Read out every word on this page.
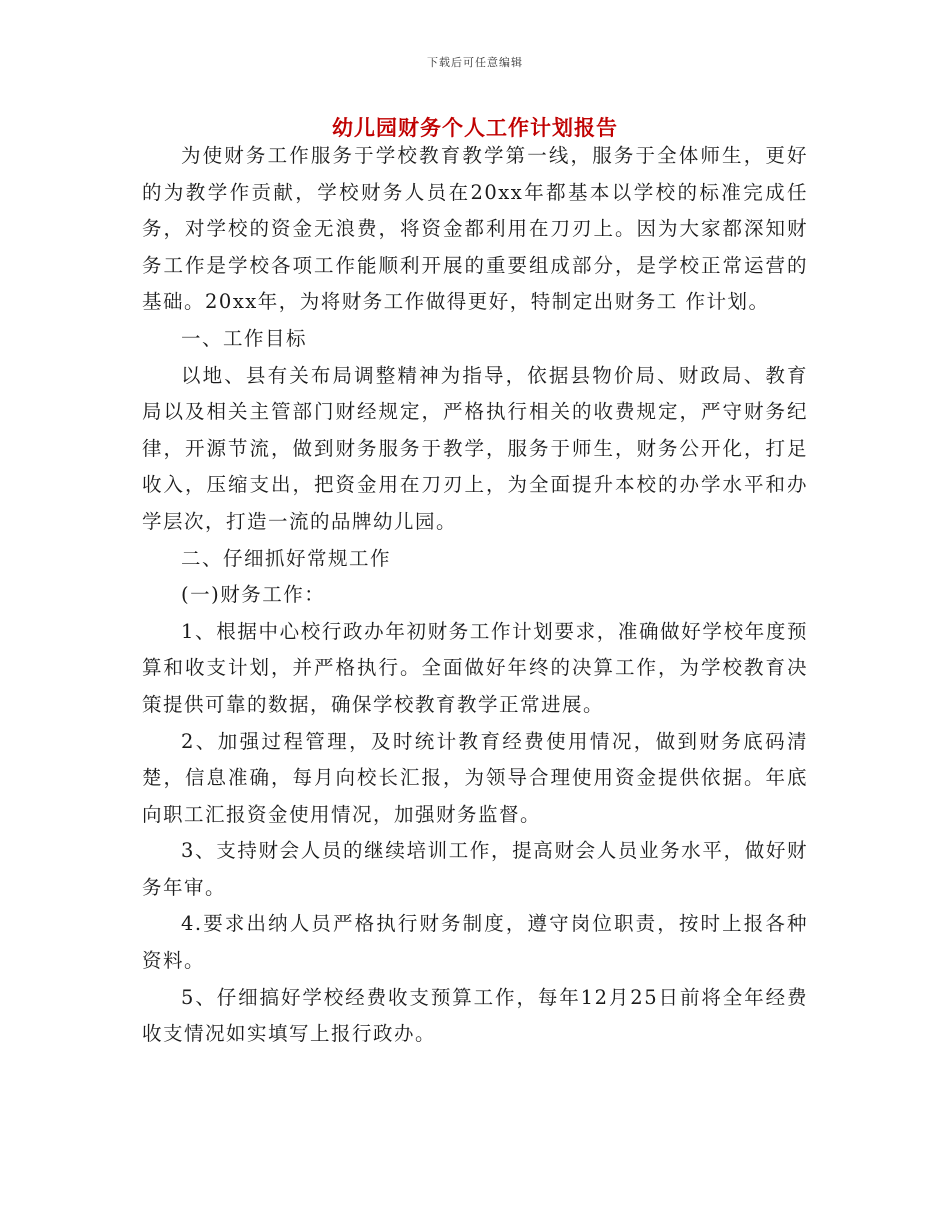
下载后可任意编辑
幼儿园财务个人工作计划报告

为使财务工作服务于学校教育教学第一线，服务于全体师生，更好的为教学作贡献，学校财务人员在20xx年都基本以学校的标准完成任务，对学校的资金无浪费，将资金都利用在刀刃上。因为大家都深知财务工作是学校各项工作能顺利开展的重要组成部分，是学校正常运营的基础。20xx年，为将财务工作做得更好，特制定出财务工 作计划。

一、工作目标

以地、县有关布局调整精神为指导，依据县物价局、财政局、教育局以及相关主管部门财经规定，严格执行相关的收费规定，严守财务纪律，开源节流，做到财务服务于教学，服务于师生，财务公开化，打足收入，压缩支出，把资金用在刀刃上，为全面提升本校的办学水平和办学层次，打造一流的品牌幼儿园。

二、仔细抓好常规工作

(一)财务工作：

1、根据中心校行政办年初财务工作计划要求，准确做好学校年度预算和收支计划，并严格执行。全面做好年终的决算工作，为学校教育决策提供可靠的数据，确保学校教育教学正常进展。

2、加强过程管理，及时统计教育经费使用情况，做到财务底码清楚，信息准确，每月向校长汇报，为领导合理使用资金提供依据。年底向职工汇报资金使用情况，加强财务监督。

3、支持财会人员的继续培训工作，提高财会人员业务水平，做好财务年审。

4.要求出纳人员严格执行财务制度，遵守岗位职责，按时上报各种资料。

5、仔细搞好学校经费收支预算工作，每年12月25日前将全年经费收支情况如实填写上报行政办。
